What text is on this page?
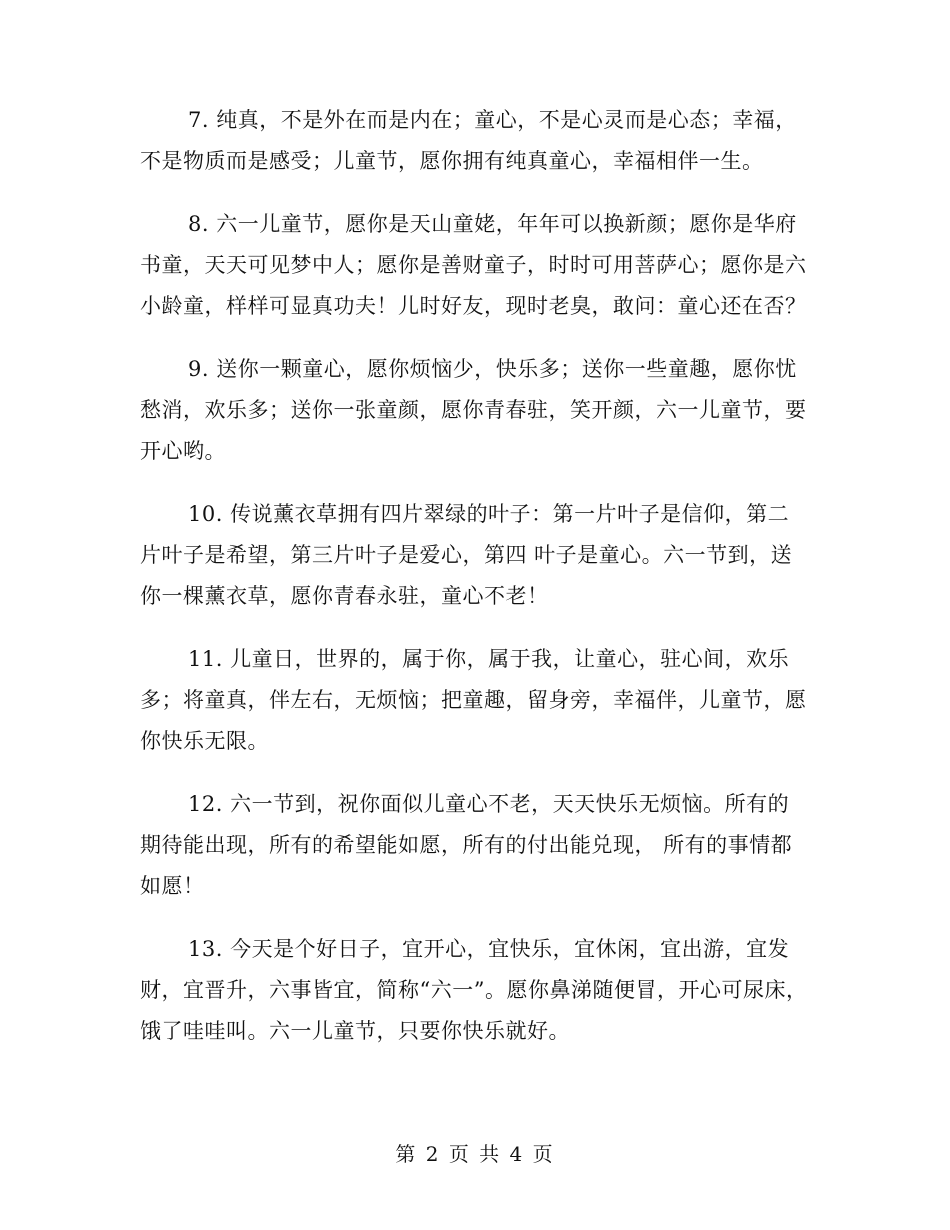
7. 纯真，不是外在而是内在；童心，不是心灵而是心态；幸福，不是物质而是感受；儿童节，愿你拥有纯真童心，幸福相伴一生。

8. 六一儿童节，愿你是天山童姥，年年可以换新颜；愿你是华府书童，天天可见梦中人；愿你是善财童子，时时可用菩萨心；愿你是六小龄童，样样可显真功夫！儿时好友，现时老臭，敢问：童心还在否？

9. 送你一颗童心，愿你烦恼少，快乐多；送你一些童趣，愿你忧愁消，欢乐多；送你一张童颜，愿你青春驻，笑开颜，六一儿童节，要开心哟。

10. 传说薰衣草拥有四片翠绿的叶子：第一片叶子是信仰，第二片叶子是希望，第三片叶子是爱心，第四 叶子是童心。六一节到，送你一棵薰衣草，愿你青春永驻，童心不老！

11. 儿童日，世界的，属于你，属于我，让童心，驻心间，欢乐多；将童真，伴左右，无烦恼；把童趣，留身旁，幸福伴，儿童节，愿你快乐无限。

12. 六一节到，祝你面似儿童心不老，天天快乐无烦恼。所有的期待能出现，所有的希望能如愿，所有的付出能兑现， 所有的事情都如愿！

13. 今天是个好日子，宜开心，宜快乐，宜休闲，宜出游，宜发财，宜晋升，六事皆宜，简称“六一”。愿你鼻涕随便冒，开心可尿床，饿了哇哇叫。六一儿童节，只要你快乐就好。

第 2 页 共 4 页
